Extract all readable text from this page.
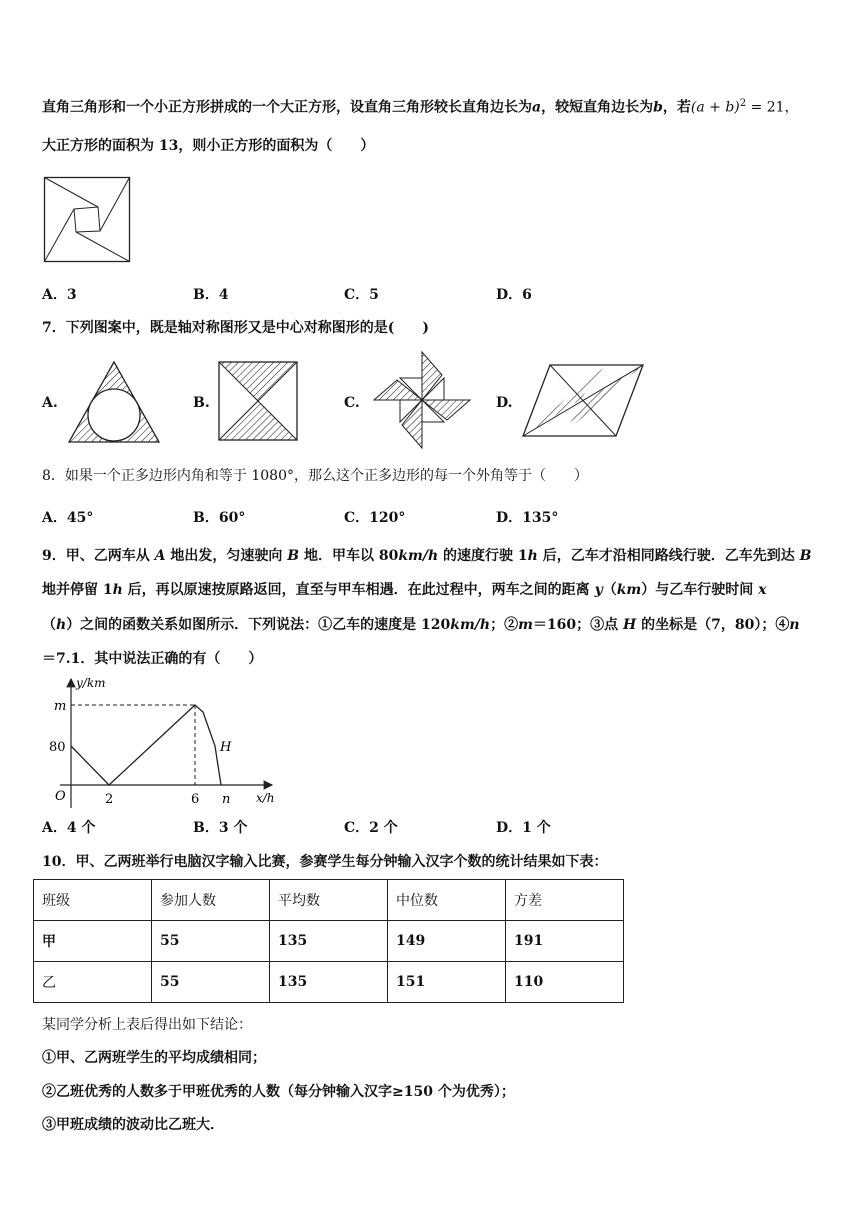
直角三角形和一个小正方形拼成的一个大正方形，设直角三角形较长直角边长为a，较短直角边长为b，若$(a + b)^2 = 21$，
大正方形的面积为 13，则小正方形的面积为（　　）
A．3	B．4	C．5	D．6
7．下列图案中，既是轴对称图形又是中心对称图形的是(　　)
A.	B.	C.	D.
8．如果一个正多边形内角和等于 1080°，那么这个正多边形的每一个外角等于（　　）
A．45°	B．60°	C．120°	D．135°
9．甲、乙两车从 A 地出发，匀速驶向 B 地．甲车以 80km/h 的速度行驶 1h 后，乙车才沿相同路线行驶．乙车先到达 B
地并停留 1h 后，再以原速按原路返回，直至与甲车相遇．在此过程中，两车之间的距离 y（km）与乙车行驶时间 x
（h）之间的函数关系如图所示．下列说法：①乙车的速度是 120km/h；②m＝160；③点 H 的坐标是（7，80）；④n
＝7.1．其中说法正确的有（　　）
y/km
x/h
O
m
80
2	6 n
H
A．4 个	B．3 个	C．2 个	D．1 个
10．甲、乙两班举行电脑汉字输入比赛，参赛学生每分钟输入汉字个数的统计结果如下表：
班级	参加人数	平均数	中位数	方差
甲	55	135	149	191
乙	55	135	151	110
某同学分析上表后得出如下结论：
①甲、乙两班学生的平均成绩相同；
②乙班优秀的人数多于甲班优秀的人数（每分钟输入汉字≥150 个为优秀）；
③甲班成绩的波动比乙班大．
